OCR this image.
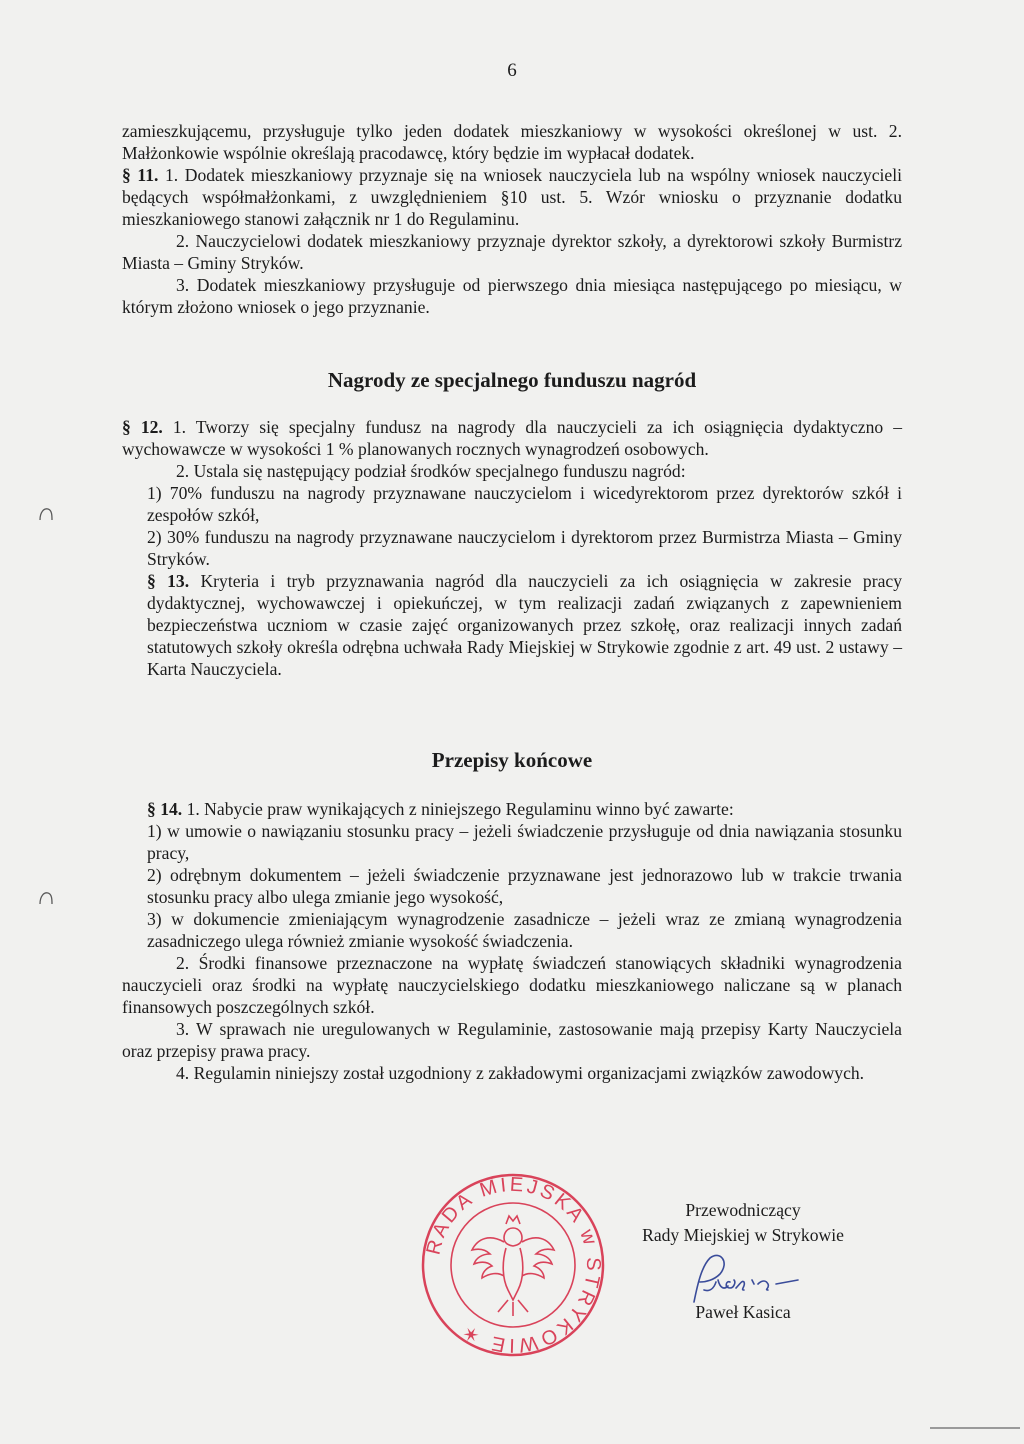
6

zamieszkującemu, przysługuje tylko jeden dodatek mieszkaniowy w wysokości określonej w ust. 2. Małżonkowie wspólnie określają pracodawcę, który będzie im wypłacał dodatek.

§ 11. 1. Dodatek mieszkaniowy przyznaje się na wniosek nauczyciela lub na wspólny wniosek nauczycieli będących współmałżonkami, z uwzględnieniem §10 ust. 5. Wzór wniosku o przyznanie dodatku mieszkaniowego stanowi załącznik nr 1 do Regulaminu.

2. Nauczycielowi dodatek mieszkaniowy przyznaje dyrektor szkoły, a dyrektorowi szkoły Burmistrz Miasta – Gminy Stryków.

3. Dodatek mieszkaniowy przysługuje od pierwszego dnia miesiąca następującego po miesiącu, w którym złożono wniosek o jego przyznanie.

Nagrody ze specjalnego funduszu nagród

§ 12. 1. Tworzy się specjalny fundusz na nagrody dla nauczycieli za ich osiągnięcia dydaktyczno – wychowawcze w wysokości 1 % planowanych rocznych wynagrodzeń osobowych.

2. Ustala się następujący podział środków specjalnego funduszu nagród:

1) 70% funduszu na nagrody przyznawane nauczycielom i wicedyrektorom przez dyrektorów szkół i zespołów szkół,

2) 30% funduszu na nagrody przyznawane nauczycielom i dyrektorom przez Burmistrza Miasta – Gminy Stryków.

§ 13. Kryteria i tryb przyznawania nagród dla nauczycieli za ich osiągnięcia w zakresie pracy dydaktycznej, wychowawczej i opiekuńczej, w tym realizacji zadań związanych z zapewnieniem bezpieczeństwa uczniom w czasie zajęć organizowanych przez szkołę, oraz realizacji innych zadań statutowych szkoły określa odrębna uchwała Rady Miejskiej w Strykowie zgodnie z art. 49 ust. 2 ustawy – Karta Nauczyciela.

Przepisy końcowe

§ 14. 1. Nabycie praw wynikających z niniejszego Regulaminu winno być zawarte:

1) w umowie o nawiązaniu stosunku pracy – jeżeli świadczenie przysługuje od dnia nawiązania stosunku pracy,

2) odrębnym dokumentem – jeżeli świadczenie przyznawane jest jednorazowo lub w trakcie trwania stosunku pracy albo ulega zmianie jego wysokość,

3) w dokumencie zmieniającym wynagrodzenie zasadnicze – jeżeli wraz ze zmianą wynagrodzenia zasadniczego ulega również zmianie wysokość świadczenia.

2. Środki finansowe przeznaczone na wypłatę świadczeń stanowiących składniki wynagrodzenia nauczycieli oraz środki na wypłatę nauczycielskiego dodatku mieszkaniowego naliczane są w planach finansowych poszczególnych szkół.

3. W sprawach nie uregulowanych w Regulaminie, zastosowanie mają przepisy Karty Nauczyciela oraz przepisy prawa pracy.

4. Regulamin niniejszy został uzgodniony z zakładowymi organizacjami związków zawodowych.

RADA MIEJSKA w STRYKOWIE ✶
Przewodniczący
Rady Miejskiej w Strykowie
Paweł Kasica
